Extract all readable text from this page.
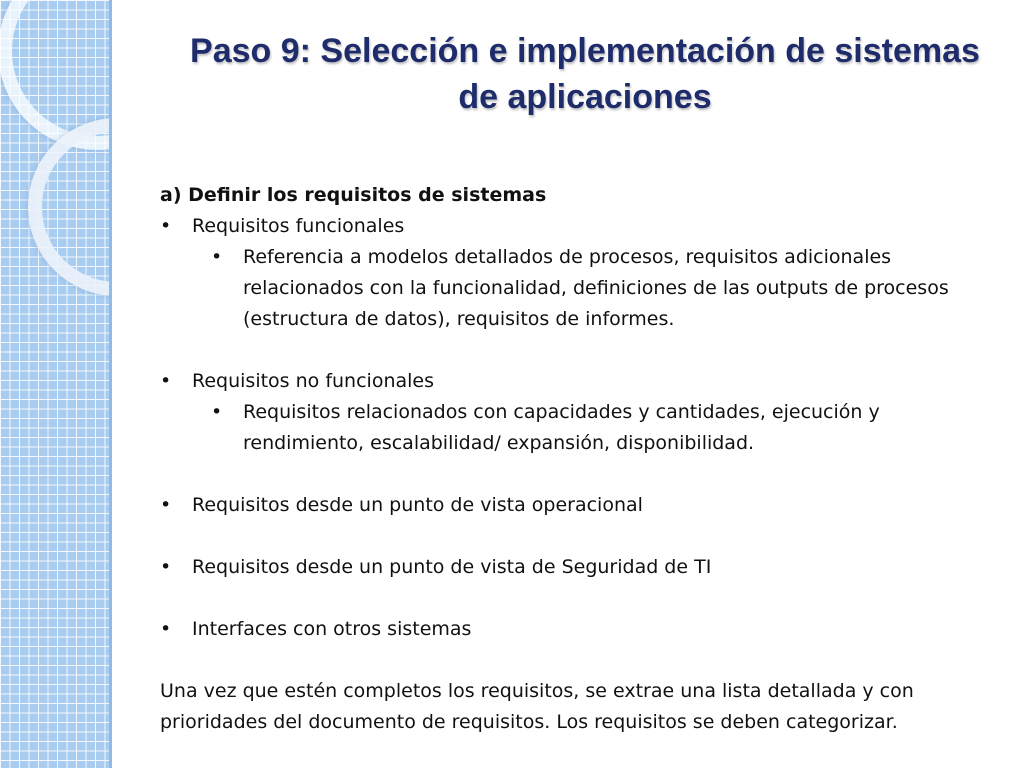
Paso 9: Selección e implementación de sistemas de aplicaciones

a) Definir los requisitos de sistemas

• Requisitos funcionales

• Referencia a modelos detallados de procesos, requisitos adicionales relacionados con la funcionalidad, definiciones de las outputs de procesos (estructura de datos), requisitos de informes.

• Requisitos no funcionales

• Requisitos relacionados con capacidades y cantidades, ejecución y rendimiento, escalabilidad/ expansión, disponibilidad.

• Requisitos desde un punto de vista operacional

• Requisitos desde un punto de vista de Seguridad de TI

• Interfaces con otros sistemas

Una vez que estén completos los requisitos, se extrae una lista detallada y con prioridades del documento de requisitos. Los requisitos se deben categorizar.
